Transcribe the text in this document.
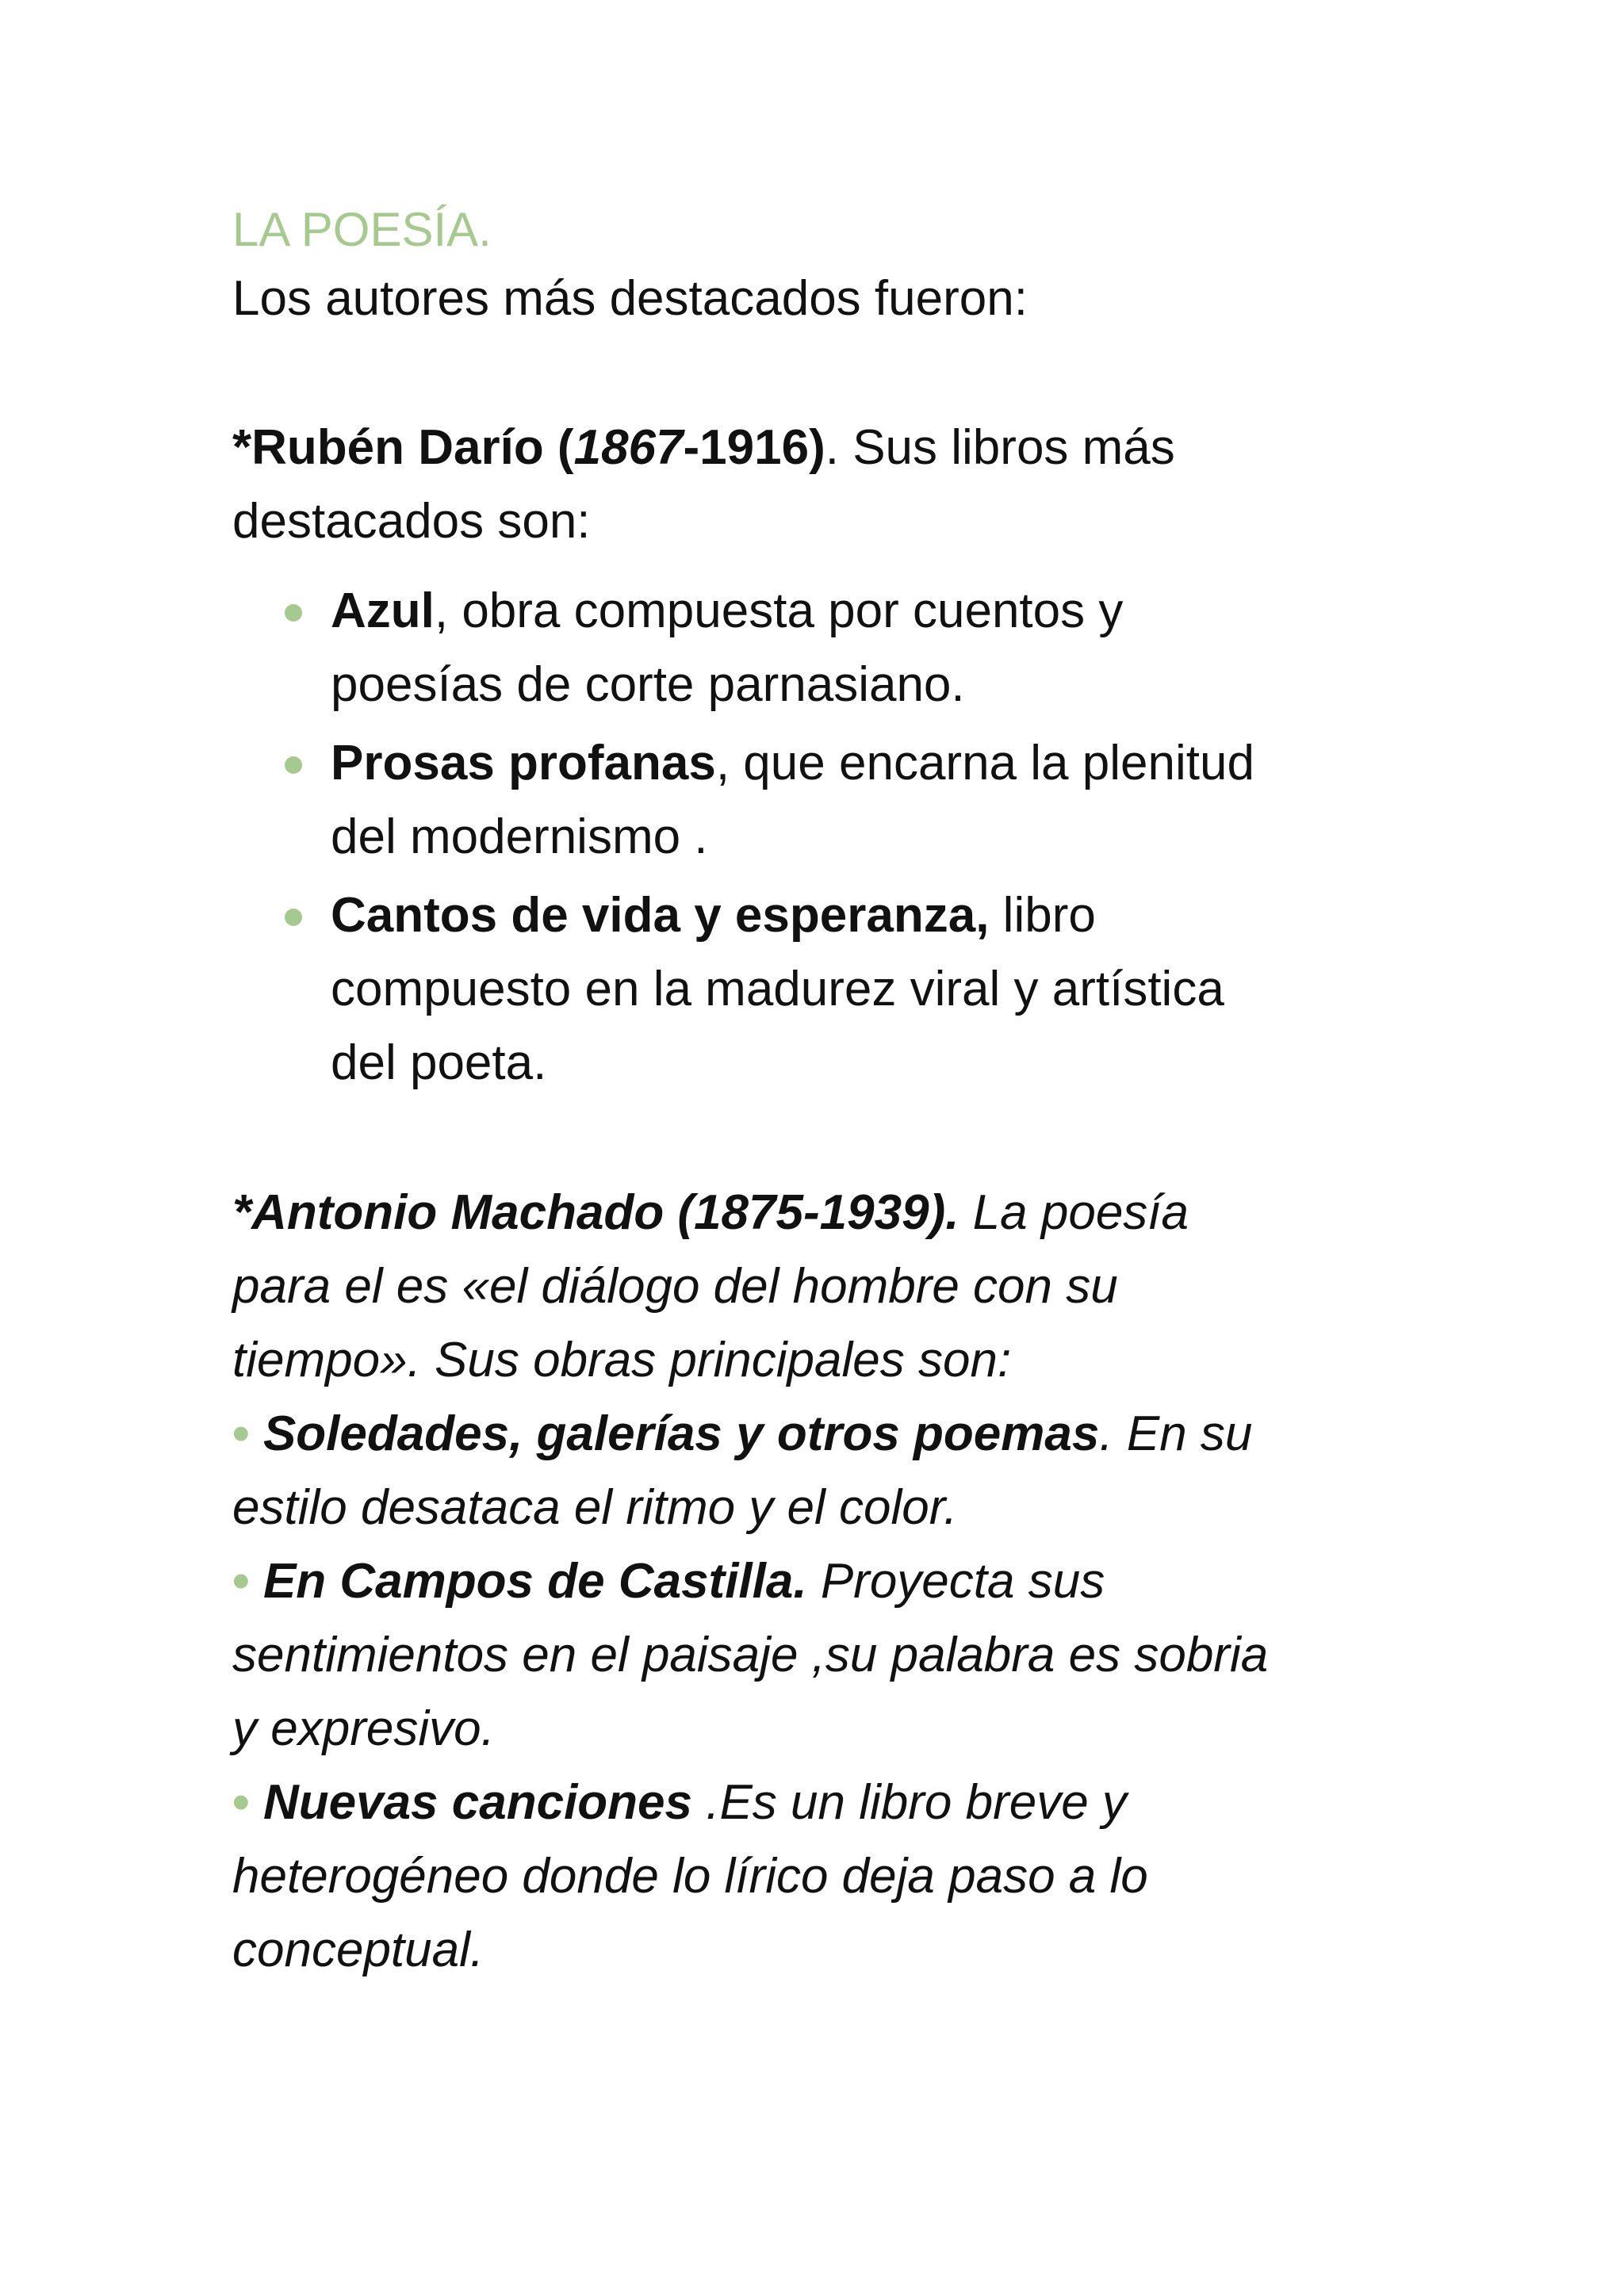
LA POESÍA.

Los autores más destacados fueron:

*Rubén Darío (1867-1916). Sus libros más

destacados son:

Azul, obra compuesta por cuentos y

poesías de corte parnasiano.

Prosas profanas, que encarna la plenitud

del modernismo .

Cantos de vida y esperanza, libro

compuesto en la madurez viral y artística

del poeta.

*Antonio Machado (1875-1939). La poesía

para el es «el diálogo del hombre con su

tiempo». Sus obras principales son:

• Soledades, galerías y otros poemas. En su

estilo desataca el ritmo y el color.

• En Campos de Castilla. Proyecta sus

sentimientos en el paisaje ,su palabra es sobria

y expresivo.

• Nuevas canciones .Es un libro breve y

heterogéneo donde lo lírico deja paso a lo

conceptual.
